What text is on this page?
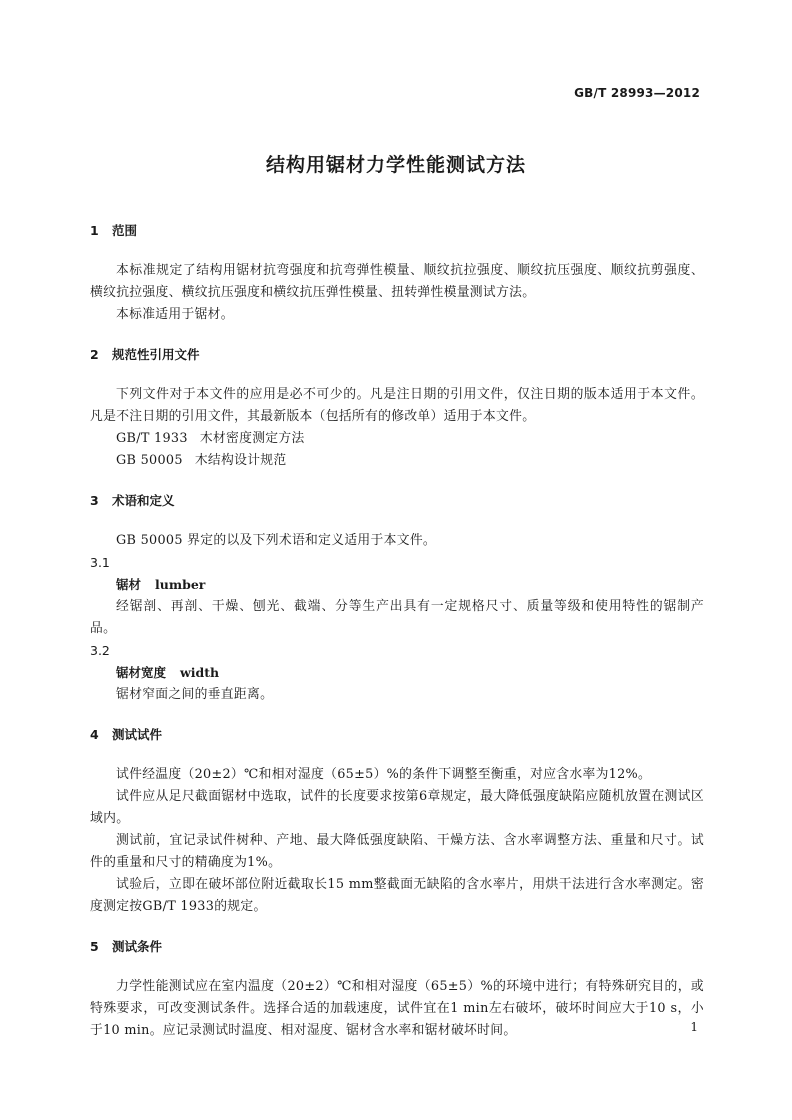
GB/T 28993—2012
结构用锯材力学性能测试方法
1 范围
本标准规定了结构用锯材抗弯强度和抗弯弹性模量、顺纹抗拉强度、顺纹抗压强度、顺纹抗剪强度、横纹抗拉强度、横纹抗压强度和横纹抗压弹性模量、扭转弹性模量测试方法。
本标准适用于锯材。
2 规范性引用文件
下列文件对于本文件的应用是必不可少的。凡是注日期的引用文件，仅注日期的版本适用于本文件。凡是不注日期的引用文件，其最新版本（包括所有的修改单）适用于本文件。
GB/T 1933 木材密度测定方法
GB 50005 木结构设计规范
3 术语和定义
GB 50005 界定的以及下列术语和定义适用于本文件。
3.1
锯材 lumber
经锯剖、再剖、干燥、刨光、截端、分等生产出具有一定规格尺寸、质量等级和使用特性的锯制产品。
3.2
锯材宽度 width
锯材窄面之间的垂直距离。
4 测试试件
试件经温度（20±2）℃和相对湿度（65±5）%的条件下调整至衡重，对应含水率为12%。
试件应从足尺截面锯材中选取，试件的长度要求按第6章规定，最大降低强度缺陷应随机放置在测试区域内。
测试前，宜记录试件树种、产地、最大降低强度缺陷、干燥方法、含水率调整方法、重量和尺寸。试件的重量和尺寸的精确度为1%。
试验后，立即在破坏部位附近截取长15 mm整截面无缺陷的含水率片，用烘干法进行含水率测定。密度测定按GB/T 1933的规定。
5 测试条件
力学性能测试应在室内温度（20±2）℃和相对湿度（65±5）%的环境中进行；有特殊研究目的，或特殊要求，可改变测试条件。选择合适的加载速度，试件宜在1 min左右破坏，破坏时间应大于10 s，小于10 min。应记录测试时温度、相对湿度、锯材含水率和锯材破坏时间。	1
